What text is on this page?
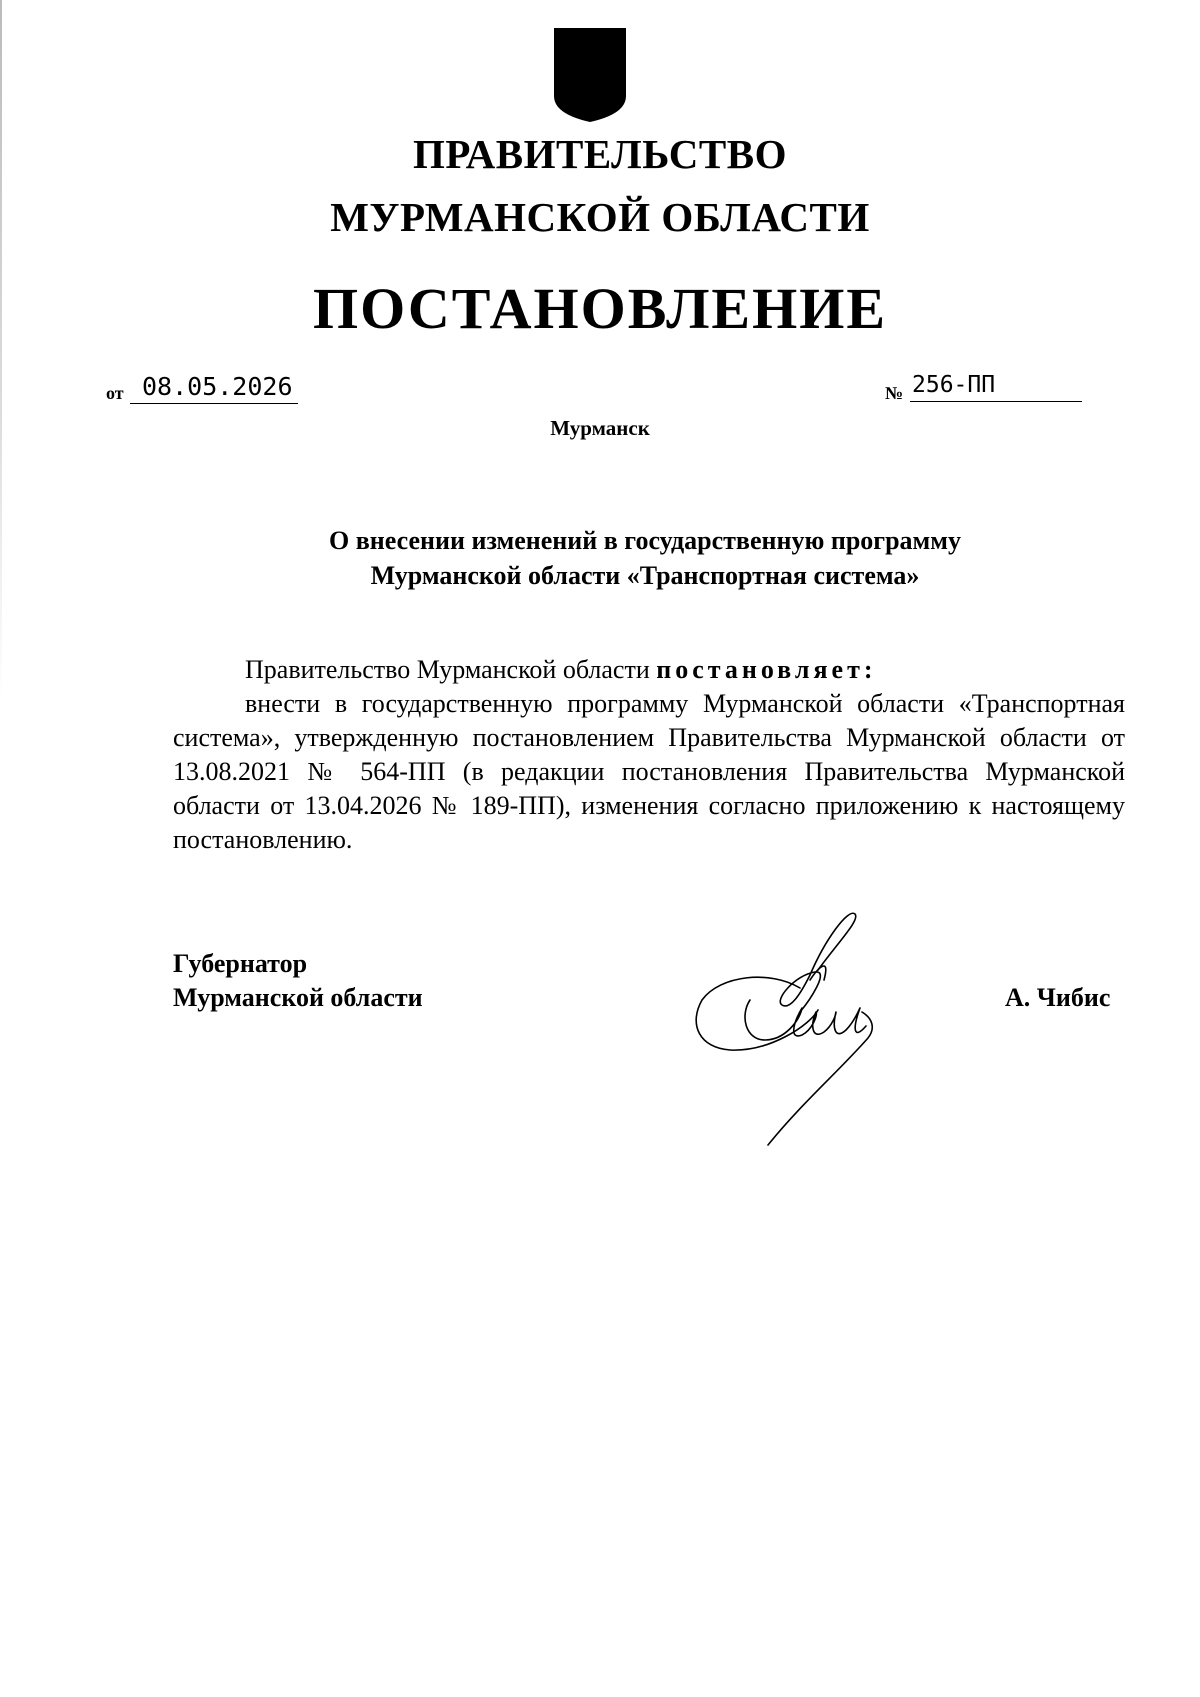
ПРАВИТЕЛЬСТВО
МУРМАНСКОЙ ОБЛАСТИ
ПОСТАНОВЛЕНИЕ
от 08.05.2026	№ 256-ПП
Мурманск
О внесении изменений в государственную программу
Мурманской области «Транспортная система»

Правительство Мурманской области постановляет:

внести в государственную программу Мурманской области «Транспортная система», утвержденную постановлением Правительства Мурманской области от 13.08.2021 № 564-ПП (в редакции постановления Правительства Мурманской области от 13.04.2026 № 189-ПП), изменения согласно приложению к настоящему постановлению.

Губернатор
Мурманской области	А. Чибис
